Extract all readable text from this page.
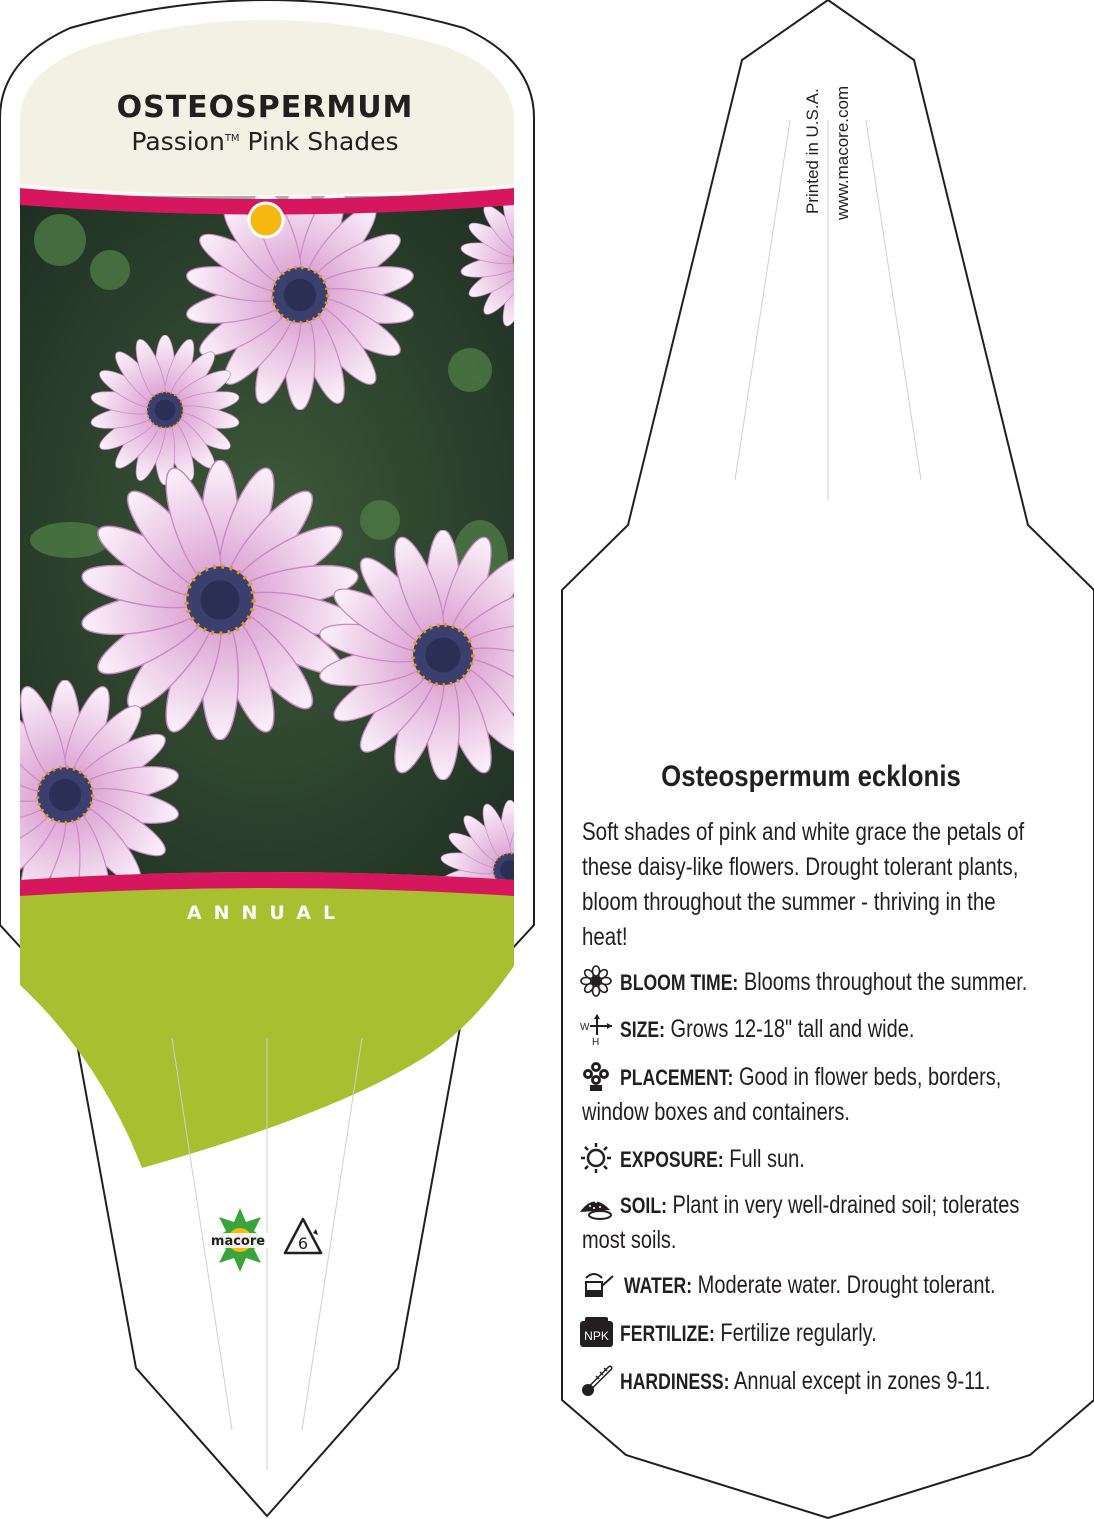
OSTEOSPERMUM
Passion™ Pink Shades
ANNUAL
macore 6
Printed in U.S.A. www.macore.com
Osteospermum ecklonis
Soft shades of pink and white grace the petals of these daisy-like flowers. Drought tolerant plants, bloom throughout the summer - thriving in the heat!
BLOOM TIME: Blooms throughout the summer.
W
H
SIZE: Grows 12-18" tall and wide.
PLACEMENT: Good in flower beds, borders,
window boxes and containers.
EXPOSURE: Full sun.
SOIL: Plant in very well-drained soil; tolerates
most soils.
WATER: Moderate water. Drought tolerant.
NPK FERTILIZE: Fertilize regularly.
HARDINESS: Annual except in zones 9-11.
